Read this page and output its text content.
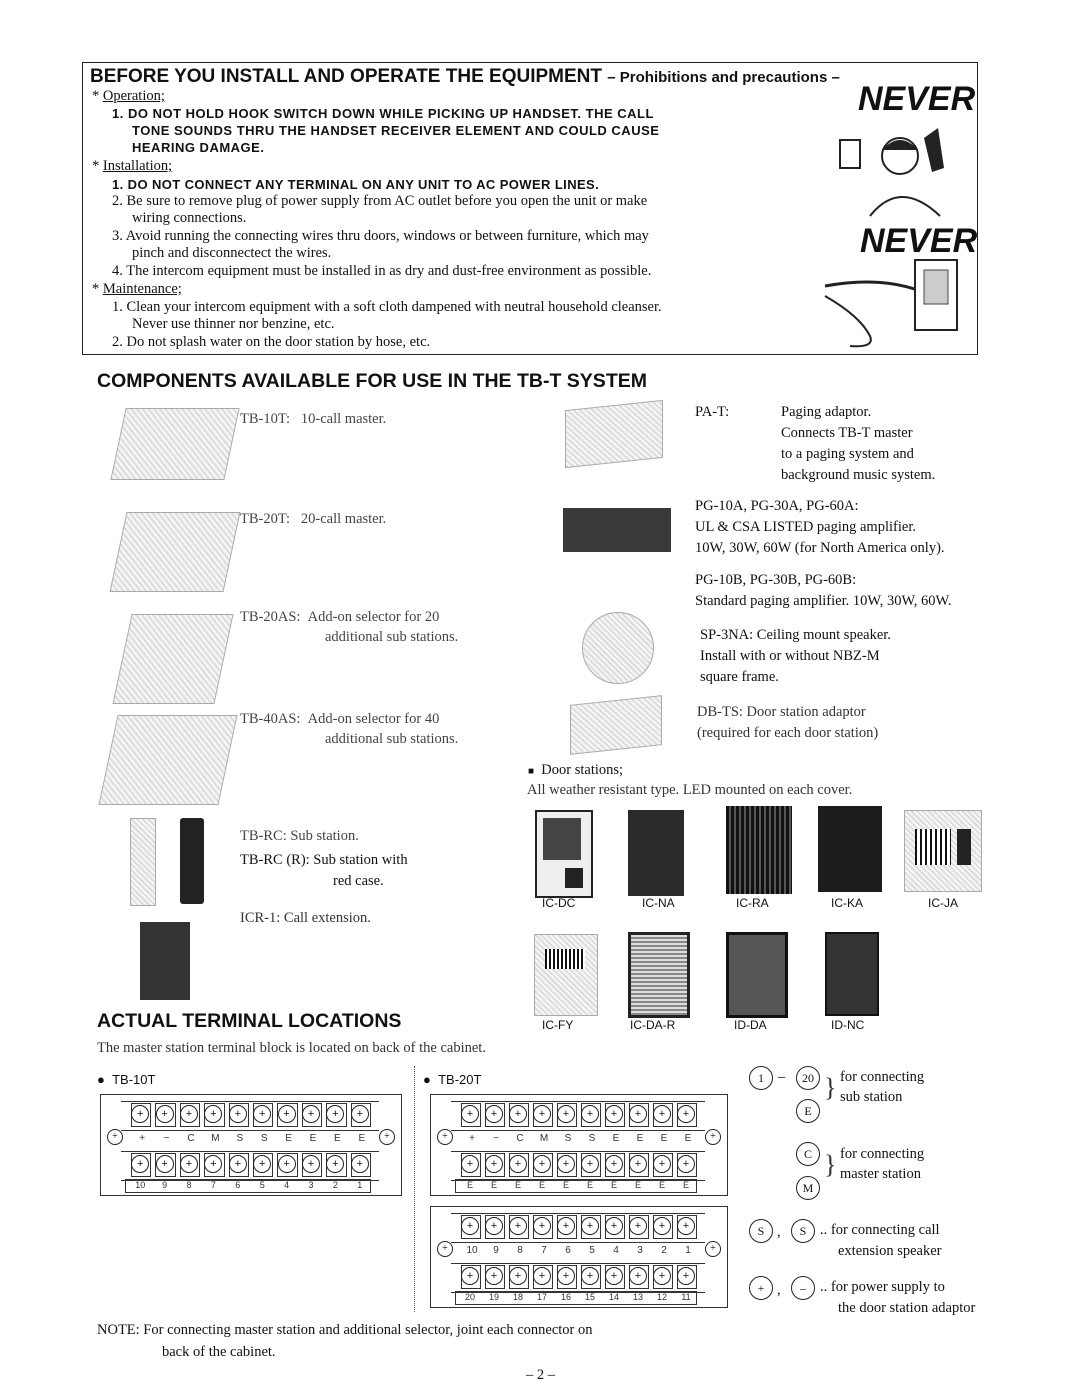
BEFORE YOU INSTALL AND OPERATE THE EQUIPMENT – Prohibitions and precautions –
* Operation;
1. DO NOT HOLD HOOK SWITCH DOWN WHILE PICKING UP HANDSET. THE CALL
TONE SOUNDS THRU THE HANDSET RECEIVER ELEMENT AND COULD CAUSE
HEARING DAMAGE.
* Installation;
1. DO NOT CONNECT ANY TERMINAL ON ANY UNIT TO AC POWER LINES.
2. Be sure to remove plug of power supply from AC outlet before you open the unit or make
wiring connections.
3. Avoid running the connecting wires thru doors, windows or between furniture, which may
pinch and disconnectect the wires.
4. The intercom equipment must be installed in as dry and dust-free environment as possible.
* Maintenance;
1. Clean your intercom equipment with a soft cloth dampened with neutral household cleanser.
Never use thinner nor benzine, etc.
2. Do not splash water on the door station by hose, etc.
NEVER
NEVER
COMPONENTS AVAILABLE FOR USE IN THE TB-T SYSTEM
TB-10T: 10-call master.
TB-20T: 20-call master.
TB-20AS: Add-on selector for 20
additional sub stations.
TB-40AS: Add-on selector for 40
additional sub stations.
TB-RC: Sub station.
TB-RC (R): Sub station with
red case.
ICR-1: Call extension.
PA-T:	Paging adaptor.
Connects TB-T master
to a paging system and
background music system.
PG-10A, PG-30A, PG-60A:
UL & CSA LISTED paging amplifier.
10W, 30W, 60W (for North America only).
PG-10B, PG-30B, PG-60B:
Standard paging amplifier. 10W, 30W, 60W.
SP-3NA: Ceiling mount speaker.
Install with or without NBZ-M
square frame.
DB-TS: Door station adaptor
(required for each door station)
■ Door stations;
All weather resistant type. LED mounted on each cover.
IC-DC	IC-NA	IC-RA	IC-KA	IC-JA
IC-FY	IC-DA-R	ID-DA	ID-NC
ACTUAL TERMINAL LOCATIONS
The master station terminal block is located on back of the cabinet.
●  TB-10T	●  TB-20T
+	+	+	+	+	+	+	+	+	+
+	+	+	+	+	+	+	+	+	+
+	−	C	M	S	S	E	E	E	E
10	9	8	7	6	5	4	3	2	1
+	+
+	+	+	+	+	+	+	+	+	+
+	+	+	+	+	+	+	+	+	+
+	−	C	M	S	S	E	E	E	E
E	E	E	E	E	E	E	E	E	E
+	+
+	+	+	+	+	+	+	+	+	+
+	+	+	+	+	+	+	+	+	+
10	9	8	7	6	5	4	3	2	1
20	19	18	17	16	15	14	13	12	11
+	+
1 –	20
E
} for connecting
sub station
C
M
} for connecting
master station
S ,	S .. for connecting call
extension speaker
+ ,	– .. for power supply to
the door station adaptor
NOTE: For connecting master station and additional selector, joint each connector on
back of the cabinet.
– 2 –
